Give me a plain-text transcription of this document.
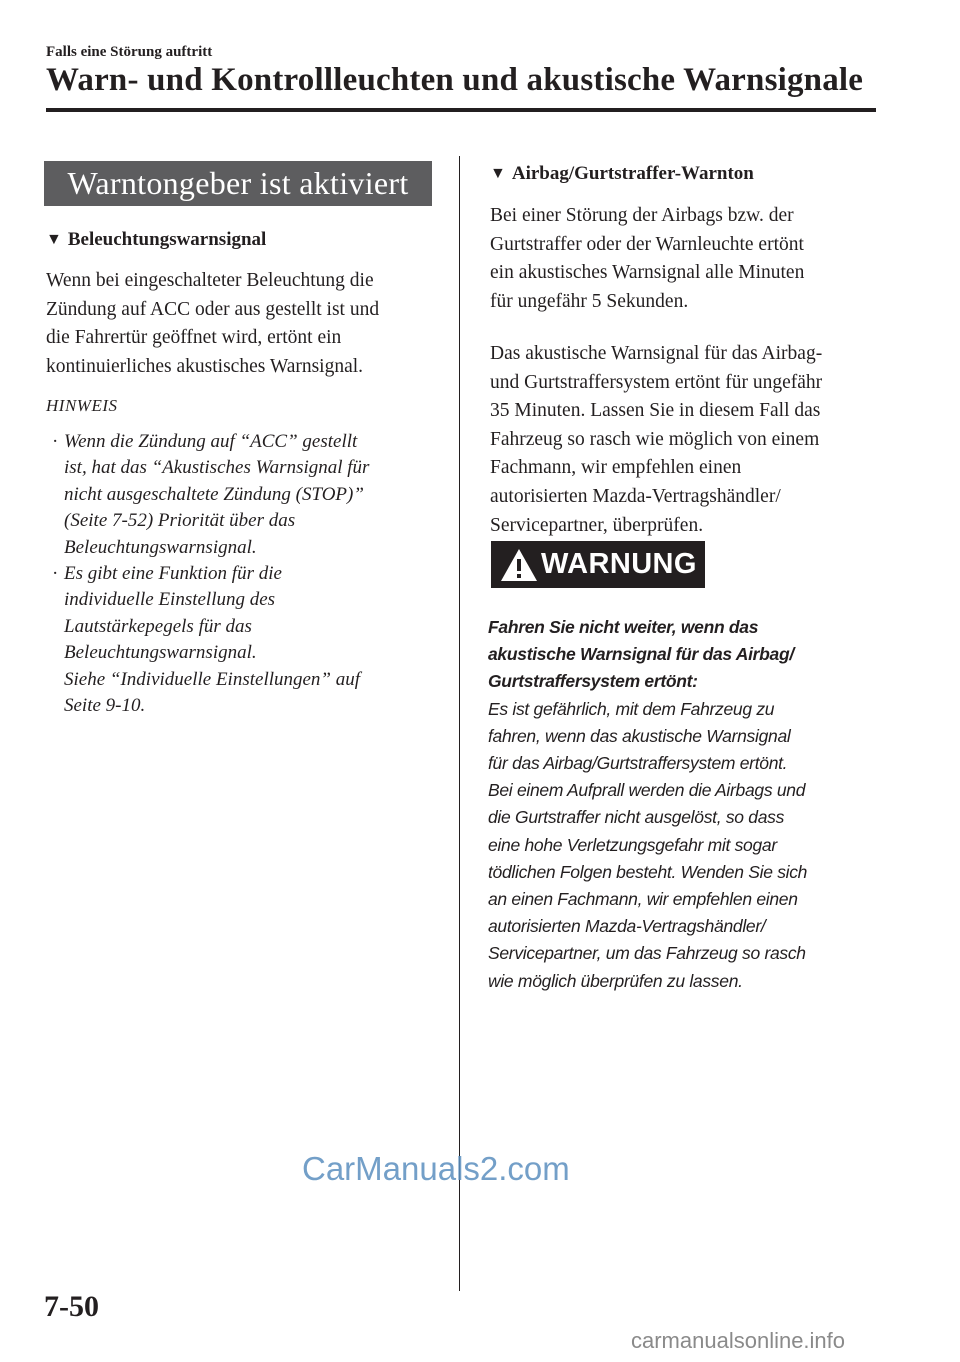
Falls eine Störung auftritt
Warn- und Kontrollleuchten und akustische Warnsignale
Warntongeber ist aktiviert
▼ Beleuchtungswarnsignal
Wenn bei eingeschalteter Beleuchtung die
Zündung auf ACC oder aus gestellt ist und
die Fahrertür geöffnet wird, ertönt ein
kontinuierliches akustisches Warnsignal.
HINWEIS
· Wenn die Zündung auf “ACC” gestellt
ist, hat das “Akustisches Warnsignal für
nicht ausgeschaltete Zündung (STOP)”
(Seite 7-52) Priorität über das
Beleuchtungswarnsignal.
· Es gibt eine Funktion für die
individuelle Einstellung des
Lautstärkepegels für das
Beleuchtungswarnsignal.
Siehe “Individuelle Einstellungen” auf
Seite 9-10.
▼ Airbag/Gurtstraffer-Warnton
Bei einer Störung der Airbags bzw. der
Gurtstraffer oder der Warnleuchte ertönt
ein akustisches Warnsignal alle Minuten
für ungefähr 5 Sekunden.
Das akustische Warnsignal für das Airbag-
und Gurtstraffersystem ertönt für ungefähr
35 Minuten. Lassen Sie in diesem Fall das
Fahrzeug so rasch wie möglich von einem
Fachmann, wir empfehlen einen
autorisierten Mazda-Vertragshändler/
Servicepartner, überprüfen.
WARNUNG
Fahren Sie nicht weiter, wenn das
akustische Warnsignal für das Airbag/
Gurtstraffersystem ertönt:
Es ist gefährlich, mit dem Fahrzeug zu
fahren, wenn das akustische Warnsignal
für das Airbag/Gurtstraffersystem ertönt.
Bei einem Aufprall werden die Airbags und
die Gurtstraffer nicht ausgelöst, so dass
eine hohe Verletzungsgefahr mit sogar
tödlichen Folgen besteht. Wenden Sie sich
an einen Fachmann, wir empfehlen einen
autorisierten Mazda-Vertragshändler/
Servicepartner, um das Fahrzeug so rasch
wie möglich überprüfen zu lassen.
CarManuals2.com
7-50
carmanualsonline.info
